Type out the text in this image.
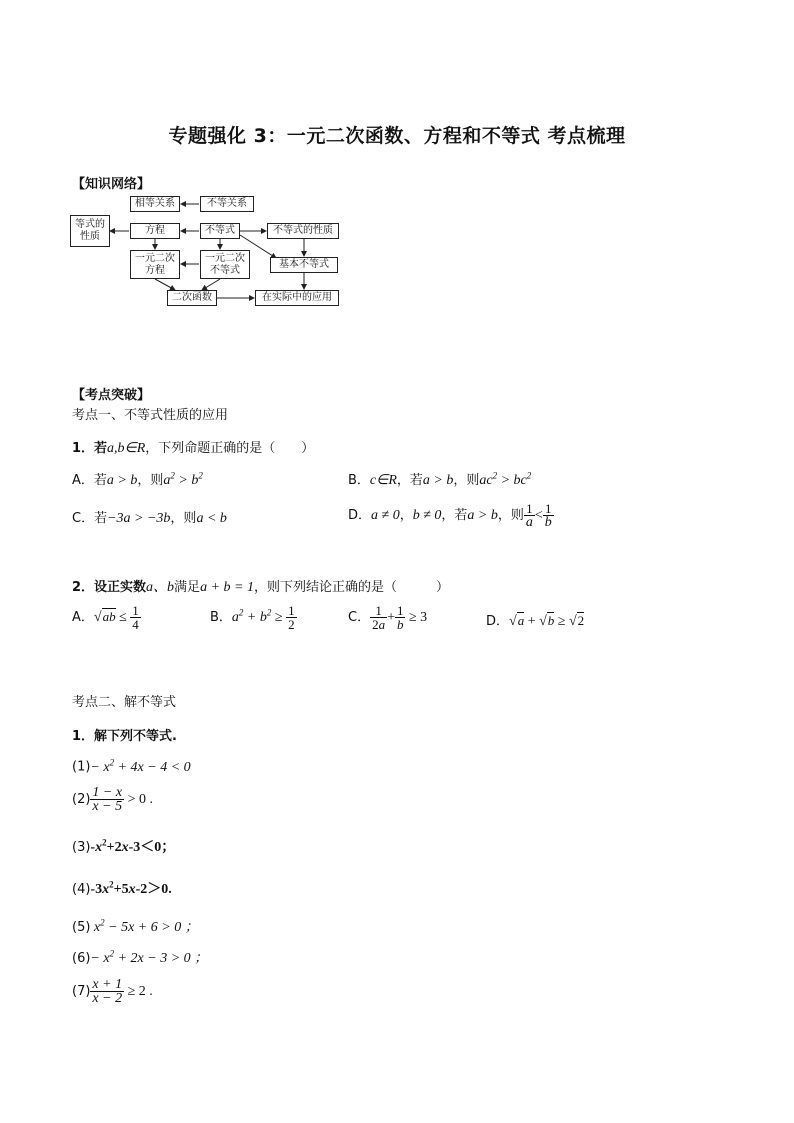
专题强化 3：一元二次函数、方程和不等式 考点梳理
【知识网络】
相等关系	不等关系
等式的
性质
方程	不等式	不等式的性质
一元二次
方程
一元二次
不等式	基本不等式
二次函数	在实际中的应用
【考点突破】
考点一、不等式性质的应用
1．若a,b∈R，下列命题正确的是（　　）
A．若a > b，则$a^2 > b^2$	B．c∈R，若a > b，则$ac^2 > bc^2$
C．若−3a > −3b，则a < b	D．a ≠ 0，b ≠ 0，若a > b，则 $\frac{1}{a} < \frac{1}{b}$
2．设正实数a、b满足a + b = 1，则下列结论正确的是（　　　）
A．$√ab \le \frac{1}{4}$	B．$a^2 + b^2 \ge \frac{1}{2}$	C． $\frac{1}{2a} + \frac{1}{b} \ge 3$	D．√a + √b ≥ √2
考点二、解不等式
1．解下列不等式.
$(1)- x^2 + 4x - 4 < 0$
$(2) \frac{1 - x}{x - 5} > 0$ .
$(3)-x^2+2x-3<0$；
$(4)-3x^2+5x-2>0$.
(5) $x^2 - 5x + 6 > 0$ ；
$(6)- x^2 + 2x - 3 > 0$ ；
$(7) \frac{x + 1}{x - 2} \ge 2$ .
